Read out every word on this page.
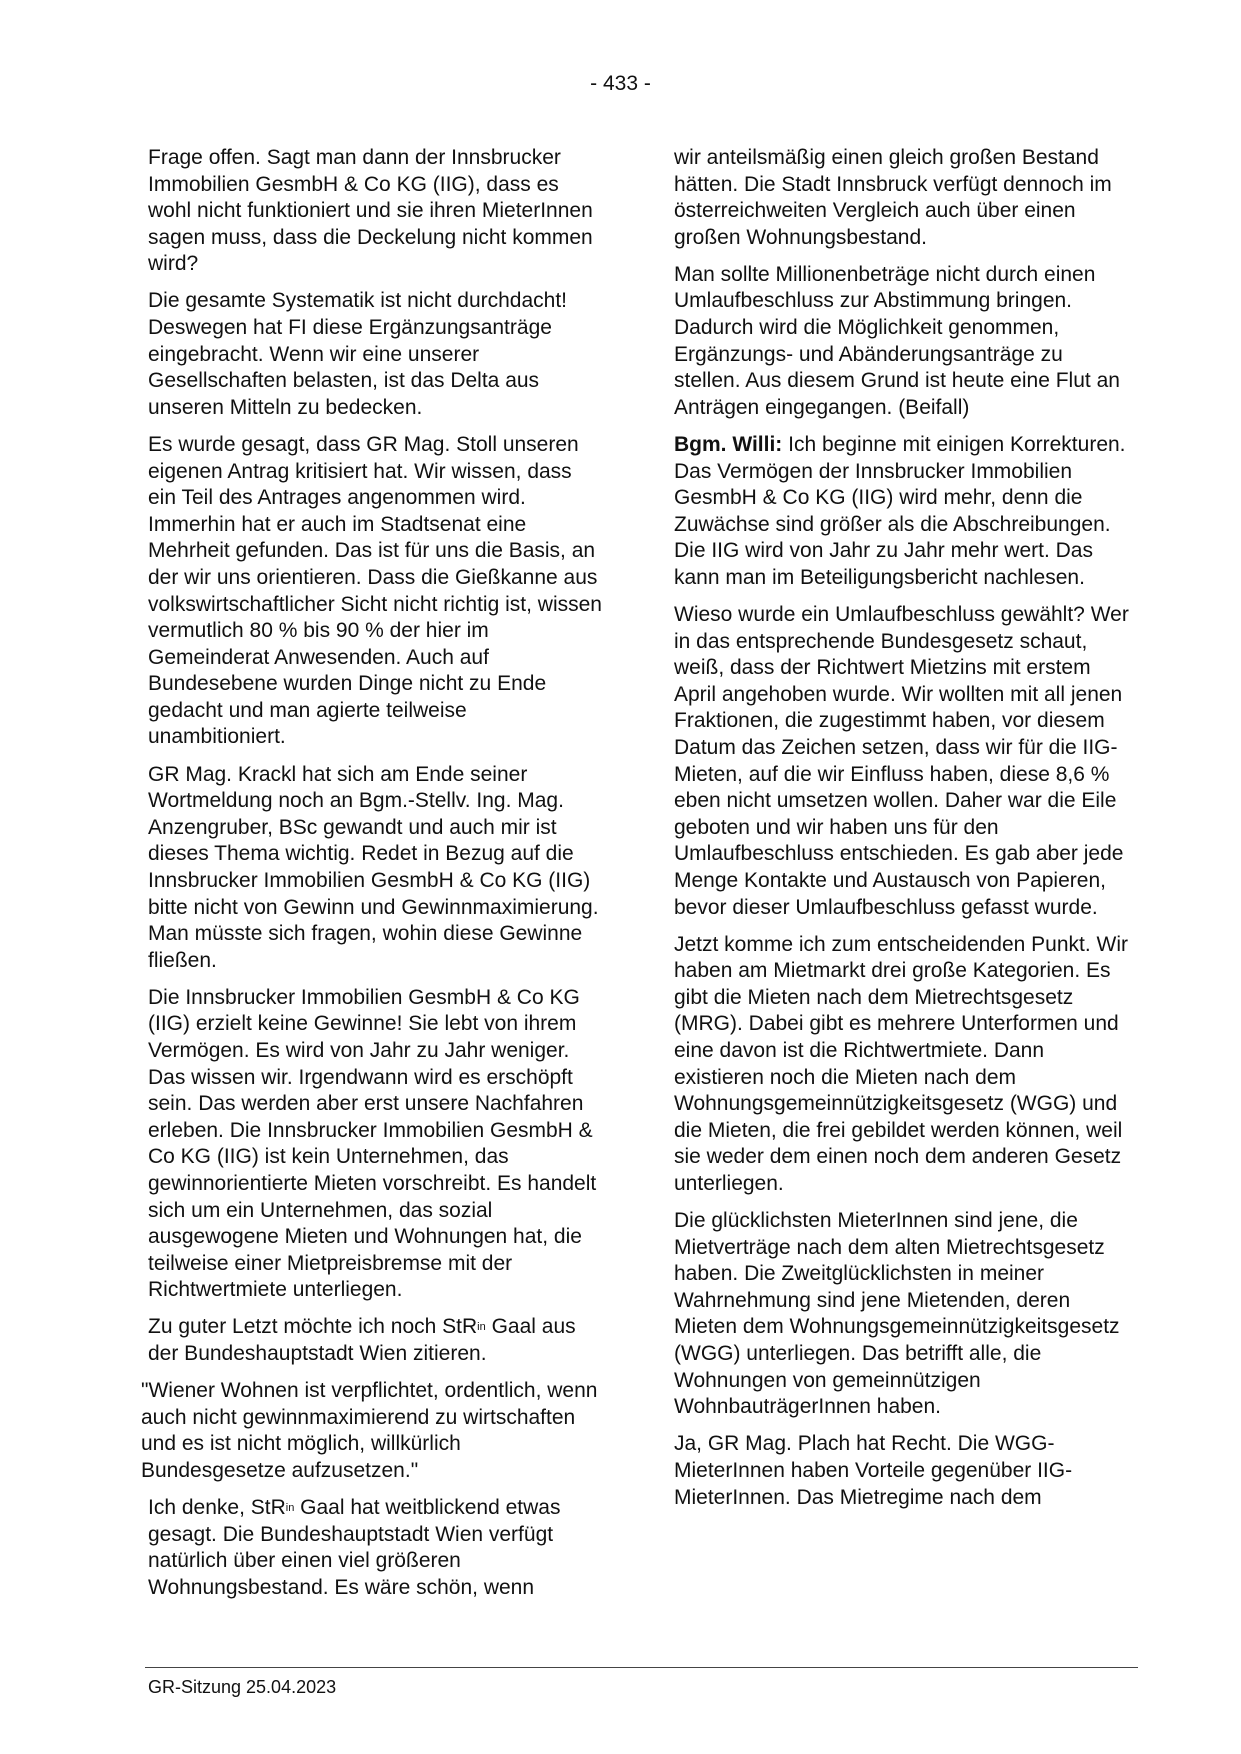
- 433 -

Frage offen. Sagt man dann der Innsbrucker Immobilien GesmbH & Co KG (IIG), dass es wohl nicht funktioniert und sie ihren MieterInnen sagen muss, dass die Deckelung nicht kommen wird?

Die gesamte Systematik ist nicht durchdacht! Deswegen hat FI diese Ergänzungsanträge eingebracht. Wenn wir eine unserer Gesellschaften belasten, ist das Delta aus unseren Mitteln zu bedecken.

Es wurde gesagt, dass GR Mag. Stoll unseren eigenen Antrag kritisiert hat. Wir wissen, dass ein Teil des Antrages angenommen wird. Immerhin hat er auch im Stadtsenat eine Mehrheit gefunden. Das ist für uns die Basis, an der wir uns orientieren. Dass die Gießkanne aus volkswirtschaftlicher Sicht nicht richtig ist, wissen vermutlich 80 % bis 90 % der hier im Gemeinderat Anwesenden. Auch auf Bundesebene wurden Dinge nicht zu Ende gedacht und man agierte teilweise unambitioniert.

GR Mag. Krackl hat sich am Ende seiner Wortmeldung noch an Bgm.-Stellv. Ing. Mag. Anzengruber, BSc gewandt und auch mir ist dieses Thema wichtig. Redet in Bezug auf die Innsbrucker Immobilien GesmbH & Co KG (IIG) bitte nicht von Gewinn und Gewinnmaximierung. Man müsste sich fragen, wohin diese Gewinne fließen.

Die Innsbrucker Immobilien GesmbH & Co KG (IIG) erzielt keine Gewinne! Sie lebt von ihrem Vermögen. Es wird von Jahr zu Jahr weniger. Das wissen wir. Irgendwann wird es erschöpft sein. Das werden aber erst unsere Nachfahren erleben. Die Innsbrucker Immobilien GesmbH & Co KG (IIG) ist kein Unternehmen, das gewinnorientierte Mieten vorschreibt. Es handelt sich um ein Unternehmen, das sozial ausgewogene Mieten und Wohnungen hat, die teilweise einer Mietpreisbremse mit der Richtwertmiete unterliegen.

Zu guter Letzt möchte ich noch StR$^{in}$ Gaal aus der Bundeshauptstadt Wien zitieren.

"Wiener Wohnen ist verpflichtet, ordentlich, wenn auch nicht gewinnmaximierend zu wirtschaften und es ist nicht möglich, willkürlich Bundesgesetze aufzusetzen."

Ich denke, StR$^{in}$ Gaal hat weitblickend etwas gesagt. Die Bundeshauptstadt Wien verfügt natürlich über einen viel größeren Wohnungsbestand. Es wäre schön, wenn

wir anteilsmäßig einen gleich großen Bestand hätten. Die Stadt Innsbruck verfügt dennoch im österreichweiten Vergleich auch über einen großen Wohnungsbestand.

Man sollte Millionenbeträge nicht durch einen Umlaufbeschluss zur Abstimmung bringen. Dadurch wird die Möglichkeit genommen, Ergänzungs- und Abänderungsanträge zu stellen. Aus diesem Grund ist heute eine Flut an Anträgen eingegangen. (Beifall)

Bgm. Willi: Ich beginne mit einigen Korrekturen. Das Vermögen der Innsbrucker Immobilien GesmbH & Co KG (IIG) wird mehr, denn die Zuwächse sind größer als die Abschreibungen. Die IIG wird von Jahr zu Jahr mehr wert. Das kann man im Beteiligungsbericht nachlesen.

Wieso wurde ein Umlaufbeschluss gewählt? Wer in das entsprechende Bundesgesetz schaut, weiß, dass der Richtwert Mietzins mit erstem April angehoben wurde. Wir wollten mit all jenen Fraktionen, die zugestimmt haben, vor diesem Datum das Zeichen setzen, dass wir für die IIG-Mieten, auf die wir Einfluss haben, diese 8,6 % eben nicht umsetzen wollen. Daher war die Eile geboten und wir haben uns für den Umlaufbeschluss entschieden. Es gab aber jede Menge Kontakte und Austausch von Papieren, bevor dieser Umlaufbeschluss gefasst wurde.

Jetzt komme ich zum entscheidenden Punkt. Wir haben am Mietmarkt drei große Kategorien. Es gibt die Mieten nach dem Mietrechtsgesetz (MRG). Dabei gibt es mehrere Unterformen und eine davon ist die Richtwertmiete. Dann existieren noch die Mieten nach dem Wohnungsgemeinnützigkeitsgesetz (WGG) und die Mieten, die frei gebildet werden können, weil sie weder dem einen noch dem anderen Gesetz unterliegen.

Die glücklichsten MieterInnen sind jene, die Mietverträge nach dem alten Mietrechtsgesetz haben. Die Zweitglücklichsten in meiner Wahrnehmung sind jene Mietenden, deren Mieten dem Wohnungsgemeinnützigkeitsgesetz (WGG) unterliegen. Das betrifft alle, die Wohnungen von gemeinnützigen WohnbauträgerInnen haben.

Ja, GR Mag. Plach hat Recht. Die WGG-MieterInnen haben Vorteile gegenüber IIG-MieterInnen. Das Mietregime nach dem

GR-Sitzung 25.04.2023
